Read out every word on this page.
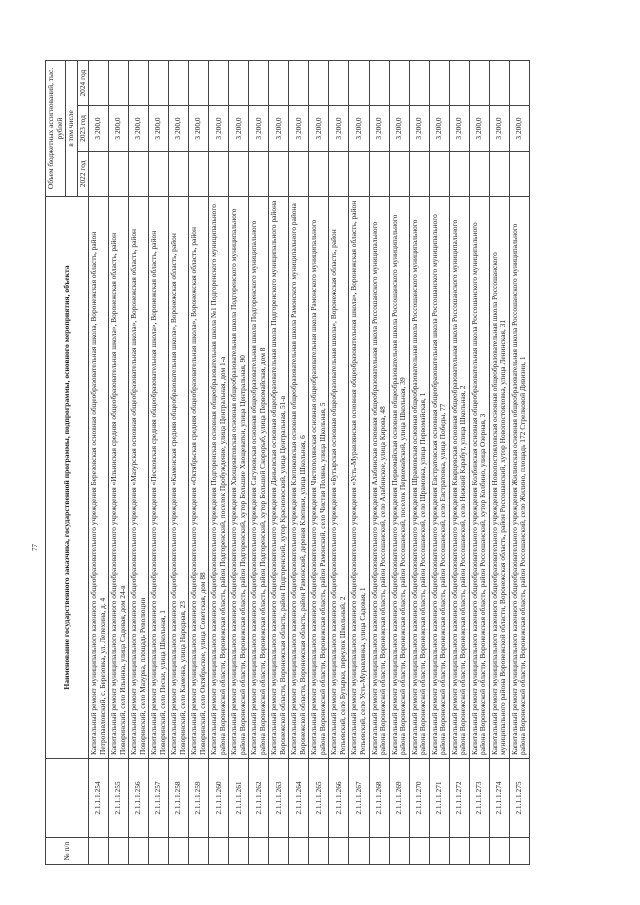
77
№ п/п		Наименование государственного заказчика, государственной программы, подпрограммы, основного мероприятия, объекта	Объем бюджетных ассигнований, тыс. рублей		
			в том числе		
			2022 год	2023 год	2024 год
	2.1.1.1.254	Капитальный ремонт муниципального казенного общеобразовательного учреждения Березовская основная общеобразовательная школа, Воронежская область, район Петропавловский, с. Березовка, ул. Лепехина, д. 4		3 200,0	
	2.1.1.1.255	Капитальный ремонт муниципального казенного общеобразовательного учреждения «Ильинская средняя общеобразовательная школа», Воронежская область, район Поворинский, село Ильинка, улица Садовая, дом 24-в		3 200,0	
	2.1.1.1.256	Капитальный ремонт муниципального казенного общеобразовательного учреждения «Мазурская основная общеобразовательная школа», Воронежская область, район Поворинский, село Мазурка, площадь Революции		3 200,0	
	2.1.1.1.257	Капитальный ремонт муниципального казенного общеобразовательного учреждения «Песковская средняя общеобразовательная школа», Воронежская область, район Поворинский, село Пески, улица Школьная, 1		3 200,0	
	2.1.1.1.258	Капитальный ремонт муниципального казенного общеобразовательного учреждения «Каменская средняя общеобразовательная школа», Воронежская область, район Поворинский, село Каменка, улица Народная, 23		3 200,0	
	2.1.1.1.259	Капитальный ремонт муниципального казенного общеобразовательного учреждения «Октябрьская средняя общеобразовательная школа», Воронежская область, район Поворинский, село Октябрьское, улица Советская, дом 88		3 200,0	
	2.1.1.1.260	Капитальный ремонт муниципального казенного общеобразовательного учреждения Подгоренская основная общеобразовательная школа №1 Подгоренского муниципального района Воронежской области, Воронежская область, район Подгоренский, поселок Пробуждение, улица Центральная, дом 1-а		3 200,0	
	2.1.1.1.261	Капитальный ремонт муниципального казенного общеобразовательного учреждения Хвощеватовская основная общеобразовательная школа Подгоренского муниципального района Воронежской области, Воронежская область, район Подгоренский, хутор Большие Хвощеватки, улица Центральная, 90		3 200,0	
	2.1.1.1.262	Капитальный ремонт муниципального казенного общеобразовательного учреждения Сагуновская основная общеобразовательная школа Подгоренского муниципального района Воронежской области, Воронежская область, район Подгоренский, хутор Большой Скорорыб, улица Первомайская, дом 8		3 200,0	
	2.1.1.1.263	Капитальный ремонт муниципального казенного общеобразовательного учреждения Даньевская основная общеобразовательная школа Подгоренского муниципального района Воронежской области, Воронежская область, район Подгоренский, хутор Красноноский, улица Центральная, 51-в		3 200,0	
	2.1.1.1.264	Капитальный ремонт муниципального казенного общеобразовательного учреждения Клепиковская основная общеобразовательная школа Рамонского муниципального района Воронежской области, Воронежская область, район Рамонский, деревня Клепики, улица Школьная, 6		3 200,0	
	2.1.1.1.265	Капитальный ремонт муниципального казенного общеобразовательного учреждения Чистополянская основная общеобразовательная школа Рамонского муниципального района Воронежской области, Воронежская область, район Рамонский, село Чистая Поляна, улица Школьная, 5		3 200,0	
	2.1.1.1.266	Капитальный ремонт муниципального казенного общеобразовательного учреждения «Бутырская основная общеобразовательная школа», Воронежская область, район Репьевский, село Бутырки, переулок Школьный, 2		3 200,0	
	2.1.1.1.267	Капитальный ремонт муниципального казенного общеобразовательного учреждения «Усть-Муравлянская основная общеобразовательная школа», Воронежская область, район Репьевский, село Усть-Муравлянка, улица Садовая, 1		3 200,0	
	2.1.1.1.268	Капитальный ремонт муниципального казенного общеобразовательного учреждения Алабинская основная общеобразовательная школа Россошанского муниципального района Воронежской области, Воронежская область, район Россошанский, село Алабинское, улица Кирова, 48		3 200,0	
	2.1.1.1.269	Капитальный ремонт муниципального казенного общеобразовательного учреждения Первомайская основная общеобразовательная школа Россошанского муниципального района Воронежской области, Воронежская область, район Россошанский, поселок Первомайский, улица Школьная, 39		3 200,0	
	2.1.1.1.270	Капитальный ремонт муниципального казенного общеобразовательного учреждения Шрамовская основная общеобразовательная школа Россошанского муниципального района Воронежской области, Воронежская область, район Россошанский, село Шрамовка, улица Первомайская, 1		3 200,0	
	2.1.1.1.271	Капитальный ремонт муниципального казенного общеобразовательного учреждения Евстратовская основная общеобразовательная школа Россошанского муниципального района Воронежской области, Воронежская область, район Россошанский, село Евстратовка, улица Победы, 77		3 200,0	
	2.1.1.1.272	Капитальный ремонт муниципального казенного общеобразовательного учреждения Кварцевская основная общеобразовательная школа Россошанского муниципального района Воронежской области, Воронежская область, район Россошанский, село Нижний Карабут, улица Школьная, 2		3 200,0	
	2.1.1.1.273	Капитальный ремонт муниципального казенного общеобразовательного учреждения Колбинская основная общеобразовательная школа Россошанского муниципального района Воронежской области, Воронежская область, район Россошанский, хутор Колбино, улица Озерная, 3		3 200,0	
	2.1.1.1.274	Капитальный ремонт муниципального казенного общеобразовательного учреждения Новопостояловская основная общеобразовательная школа Россошанского муниципального района Воронежской области, Воронежская область, район Россошанский, хутор Новопостояловка, улица Ленинская, 31		3 200,0	
	2.1.1.1.275	Капитальный ремонт муниципального казенного общеобразовательного учреждения Жилинская основная общеобразовательная школа Россошанского муниципального района Воронежской области, Воронежская область, район Россошанский, село Жилино, площадь 172 Стрелковой Дивизии, 1		3 200,0	
